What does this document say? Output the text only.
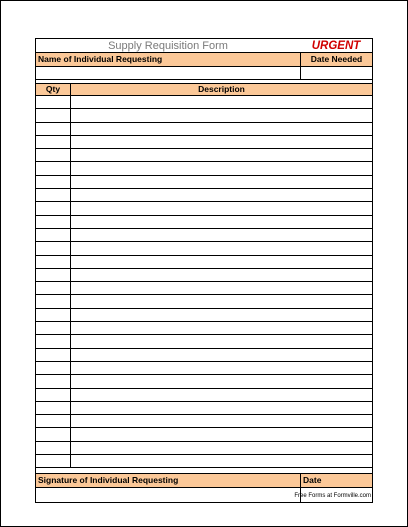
Supply Requisition Form	URGENT
Name of Individual Requesting	Date Needed
Qty	Description
Signature of Individual Requesting	Date
Free Forms at Formville.com
